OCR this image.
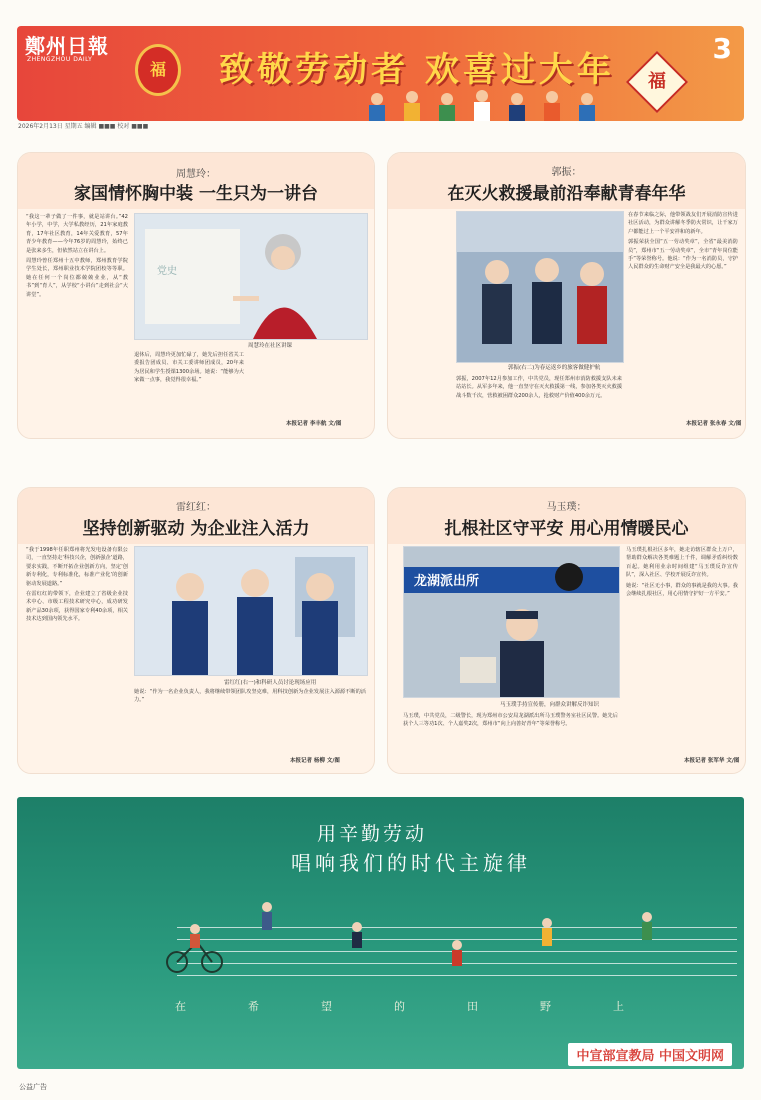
鄭州日報
ZHENGZHOU DAILY
福	致敬劳动者 欢喜过大年	福
3
2026年2月13日 星期五 编辑 ■■■ 校对 ■■■
周慧玲：
家国情怀胸中装 一生只为一讲台

“我这一辈子做了一件事，就是站讲台。”42年小学，中学，大学私教经历，21年家庭教育，17年社区教育，14年关爱教育，57年青少年教育——今年76岁的周慧玲，始终已是张来多生，但依然站立在讲台上。

周慧玲曾任郑州十五中教师，郑州教育学院学生处长，郑州职业技术学院团校等等职。她在任何一个岗位都兢兢业业，从“教书”到“育人”，从学校“小讲台”走到社会“大讲堂”。

党史
周慧玲在社区讲课

退休后，周慧玲更加忙碌了，她先后担任省关工委报告团成员、市关工委讲师团成员，20年来为居民和学生授课1300余场。她说：“能够为大家做一点事，我觉得很幸福。”

本报记者 李丰航 文/图
郭振：
在灭火救援最前沿奉献青春年华
郭振(右二)为春运返乡的旅客做健护航

郭振，2007年12月参加工作，中共党员，现任郑州市消防救援支队未来站站长。从军多年来，他一直坚守在灭火救援第一线，参加各类灭火救援战斗数千次，营救被困群众200余人，抢救财产价值400余万元。

在春节来临之际，他带领战友们开展消防宣传进社区活动，为群众讲解冬季防火常识，让千家万户都能过上一个平安祥和的新年。

郭振荣获全国“五一劳动奖章”，全省“最美消防员”，郑州市“五一劳动奖章”，全市“青年岗位能手”等荣誉称号。他说：“作为一名消防员，守护人民群众的生命财产安全是我最大的心愿。”

本报记者 张永春 文/图
雷红红：
坚持创新驱动 为企业注入活力

“我于1998年任职郑州将光发电设备有限公司，一直坚持走‘科技兴企，创新强企’道路，要求实践，不断开拓企业创新方向，坚定‘创新专利化，专利标准化，标准产业化’的创新驱动发展道路。”

在雷红红的带领下，企业建立了省级企业技术中心、市级工程技术研究中心，成功研发新产品30余项，获得国家专利40余项，相关技术达到国内领先水平。

雷红红(右一)和科研人员讨论现场应用

她说：“作为一名企业负责人，我将继续带领团队攻坚克难，用科技创新为企业发展注入源源不断的活力。”

本报记者 杨柳 文/图
马玉璞：
扎根社区守平安 用心用情暖民心
龙湖派出所
马玉璞手持宣传册，向群众讲解反诈知识

马玉璞，中共党员，二级警长，现为郑州市公安局龙湖派出所马玉璞警务室社区民警。她先后获个人三等功1次、个人嘉奖2次，郑州市“向上向善好青年”等荣誉称号。

马玉璞扎根社区多年，她走访辖区群众上万户，帮助群众解决各类难题上千件，调解矛盾纠纷数百起。她利用业余时间组建“马玉璞反诈宣传队”，深入社区、学校开展反诈宣传。

她说：“社区无小事，群众的事就是我的大事。我会继续扎根社区，用心用情守护好一方平安。”

本报记者 张军华 文/图
用辛勤劳动
唱响我们的时代主旋律
在希望的田野上
中宣部宣教局 中国文明网
公益广告
